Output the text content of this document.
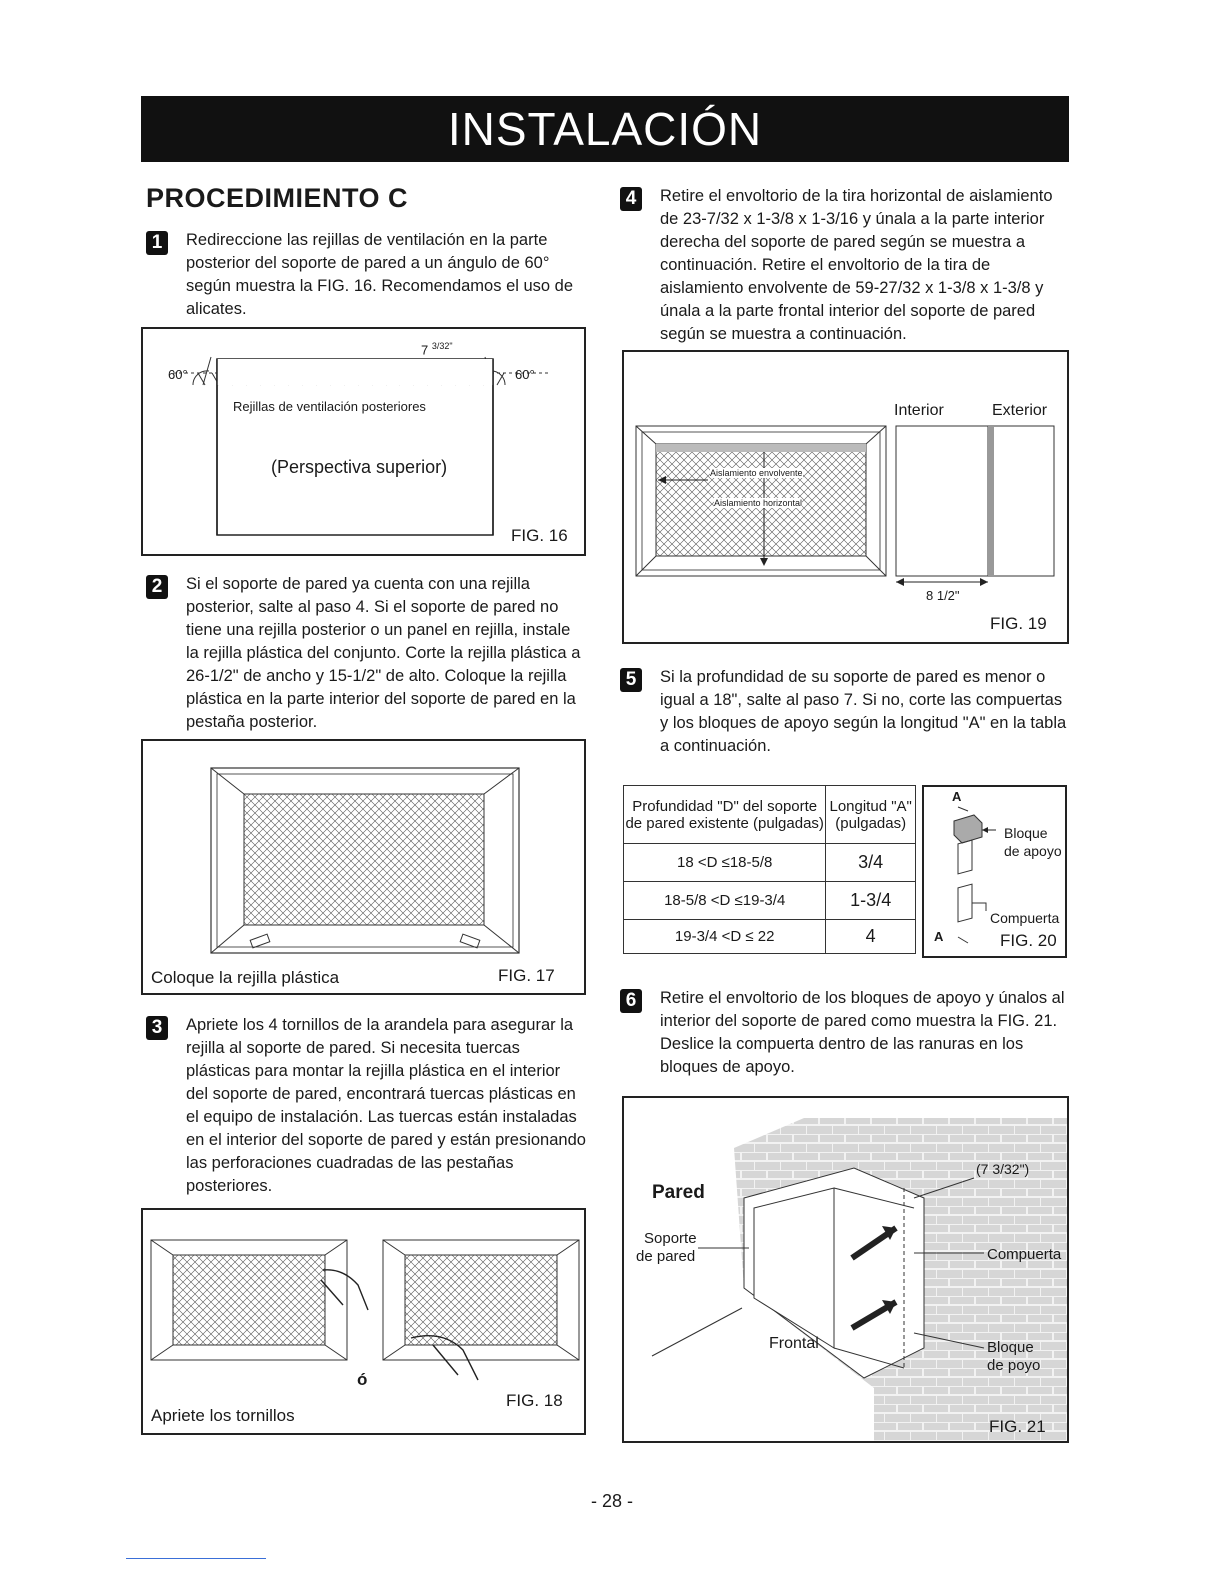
INSTALACIÓN
PROCEDIMIENTO C
1	Redireccione las rejillas de ventilación en la parte posterior del soporte de pared a un ángulo de 60° según muestra la FIG. 16. Recomendamos el uso de alicates.
60°	60°
7 $^{3/32"}$
Rejillas de ventilación posteriores
(Perspectiva superior)
FIG. 16
2	Si el soporte de pared ya cuenta con una rejilla posterior, salte al paso 4. Si el soporte de pared no tiene una rejilla posterior o un panel en rejilla, instale la rejilla plástica del conjunto. Corte la rejilla plástica a 26-1/2" de ancho y 15-1/2" de alto. Coloque la rejilla plástica en la parte interior del soporte de pared en la pestaña posterior.
Coloque la rejilla plástica	FIG. 17
3	Apriete los 4 tornillos de la arandela para asegurar la rejilla al soporte de pared. Si necesita tuercas plásticas para montar la rejilla plástica en el interior del soporte de pared, encontrará tuercas plásticas en el equipo de instalación. Las tuercas están instaladas en el interior del soporte de pared y están presionando las perforaciones cuadradas de las pestañas posteriores.
ó
Apriete los tornillos
FIG. 18
4	Retire el envoltorio de la tira horizontal de aislamiento de 23-7/32 x 1-3/8 x 1-3/16 y únala a la parte interior derecha del soporte de pared según se muestra a continuación. Retire el envoltorio de la tira de aislamiento envolvente de 59-27/32 x 1-3/8 x 1-3/8 y únala a la parte frontal interior del soporte de pared según se muestra a continuación.
Aislamiento envolvente
Aislamiento horizontal
Interior	Exterior
8 1/2"
FIG. 19
5	Si la profundidad de su soporte de pared es menor o igual a 18", salte al paso 7. Si no, corte las compuertas y los bloques de apoyo según la longitud "A" en la tabla a continuación.
Profundidad "D" del soporte
de pared existente (pulgadas)	Longitud "A"
(pulgadas)
18 <D ≤18-5/8	3/4
18-5/8 <D ≤19-3/4	1-3/4
19-3/4 <D ≤ 22	4
A
Bloque
de apoyo
Compuerta
A	FIG. 20
6	Retire el envoltorio de los bloques de apoyo y únalos al interior del soporte de pared como muestra la FIG. 21. Deslice la compuerta dentro de las ranuras en los bloques de apoyo.
Pared
Soporte
de pared
(7 3/32")
Compuerta
Frontal	Bloque
de poyo
FIG. 21
- 28 -
